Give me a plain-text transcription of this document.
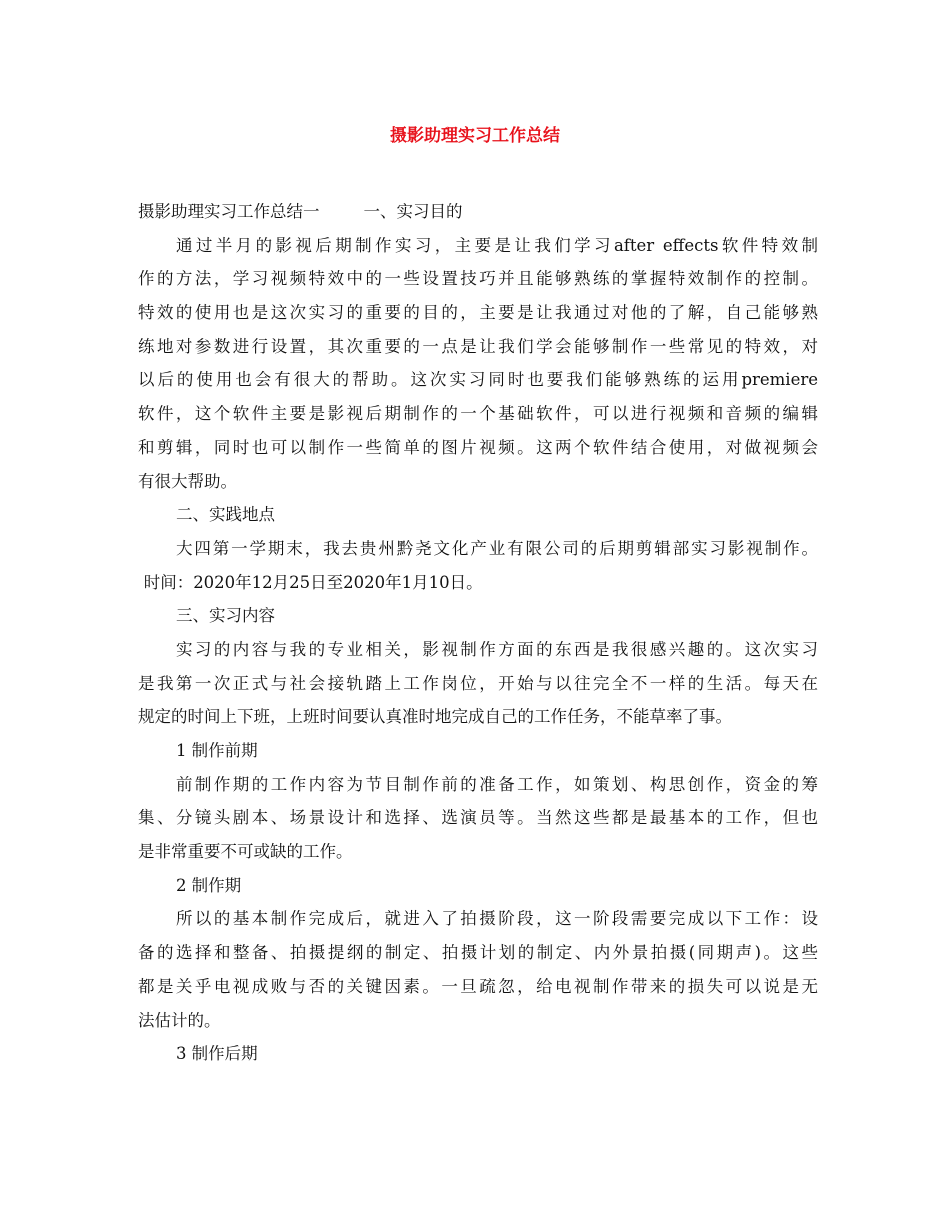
摄影助理实习工作总结
摄影助理实习工作总结一	一、实习目的
通过半月的影视后期制作实习，主要是让我们学习after effects软件特效制
作的方法，学习视频特效中的一些设置技巧并且能够熟练的掌握特效制作的控制。
特效的使用也是这次实习的重要的目的，主要是让我通过对他的了解，自己能够熟
练地对参数进行设置，其次重要的一点是让我们学会能够制作一些常见的特效，对
以后的使用也会有很大的帮助。这次实习同时也要我们能够熟练的运用premiere
软件，这个软件主要是影视后期制作的一个基础软件，可以进行视频和音频的编辑
和剪辑，同时也可以制作一些简单的图片视频。这两个软件结合使用，对做视频会
有很大帮助。
二、实践地点
大四第一学期末，我去贵州黔尧文化产业有限公司的后期剪辑部实习影视制作。
时间：2020年12月25日至2020年1月10日。
三、实习内容
实习的内容与我的专业相关，影视制作方面的东西是我很感兴趣的。这次实习
是我第一次正式与社会接轨踏上工作岗位，开始与以往完全不一样的生活。每天在
规定的时间上下班，上班时间要认真准时地完成自己的工作任务，不能草率了事。
1 制作前期
前制作期的工作内容为节目制作前的准备工作，如策划、构思创作，资金的筹
集、分镜头剧本、场景设计和选择、选演员等。当然这些都是最基本的工作，但也
是非常重要不可或缺的工作。
2 制作期
所以的基本制作完成后，就进入了拍摄阶段，这一阶段需要完成以下工作：设
备的选择和整备、拍摄提纲的制定、拍摄计划的制定、内外景拍摄(同期声)。这些
都是关乎电视成败与否的关键因素。一旦疏忽，给电视制作带来的损失可以说是无
法估计的。
3 制作后期
